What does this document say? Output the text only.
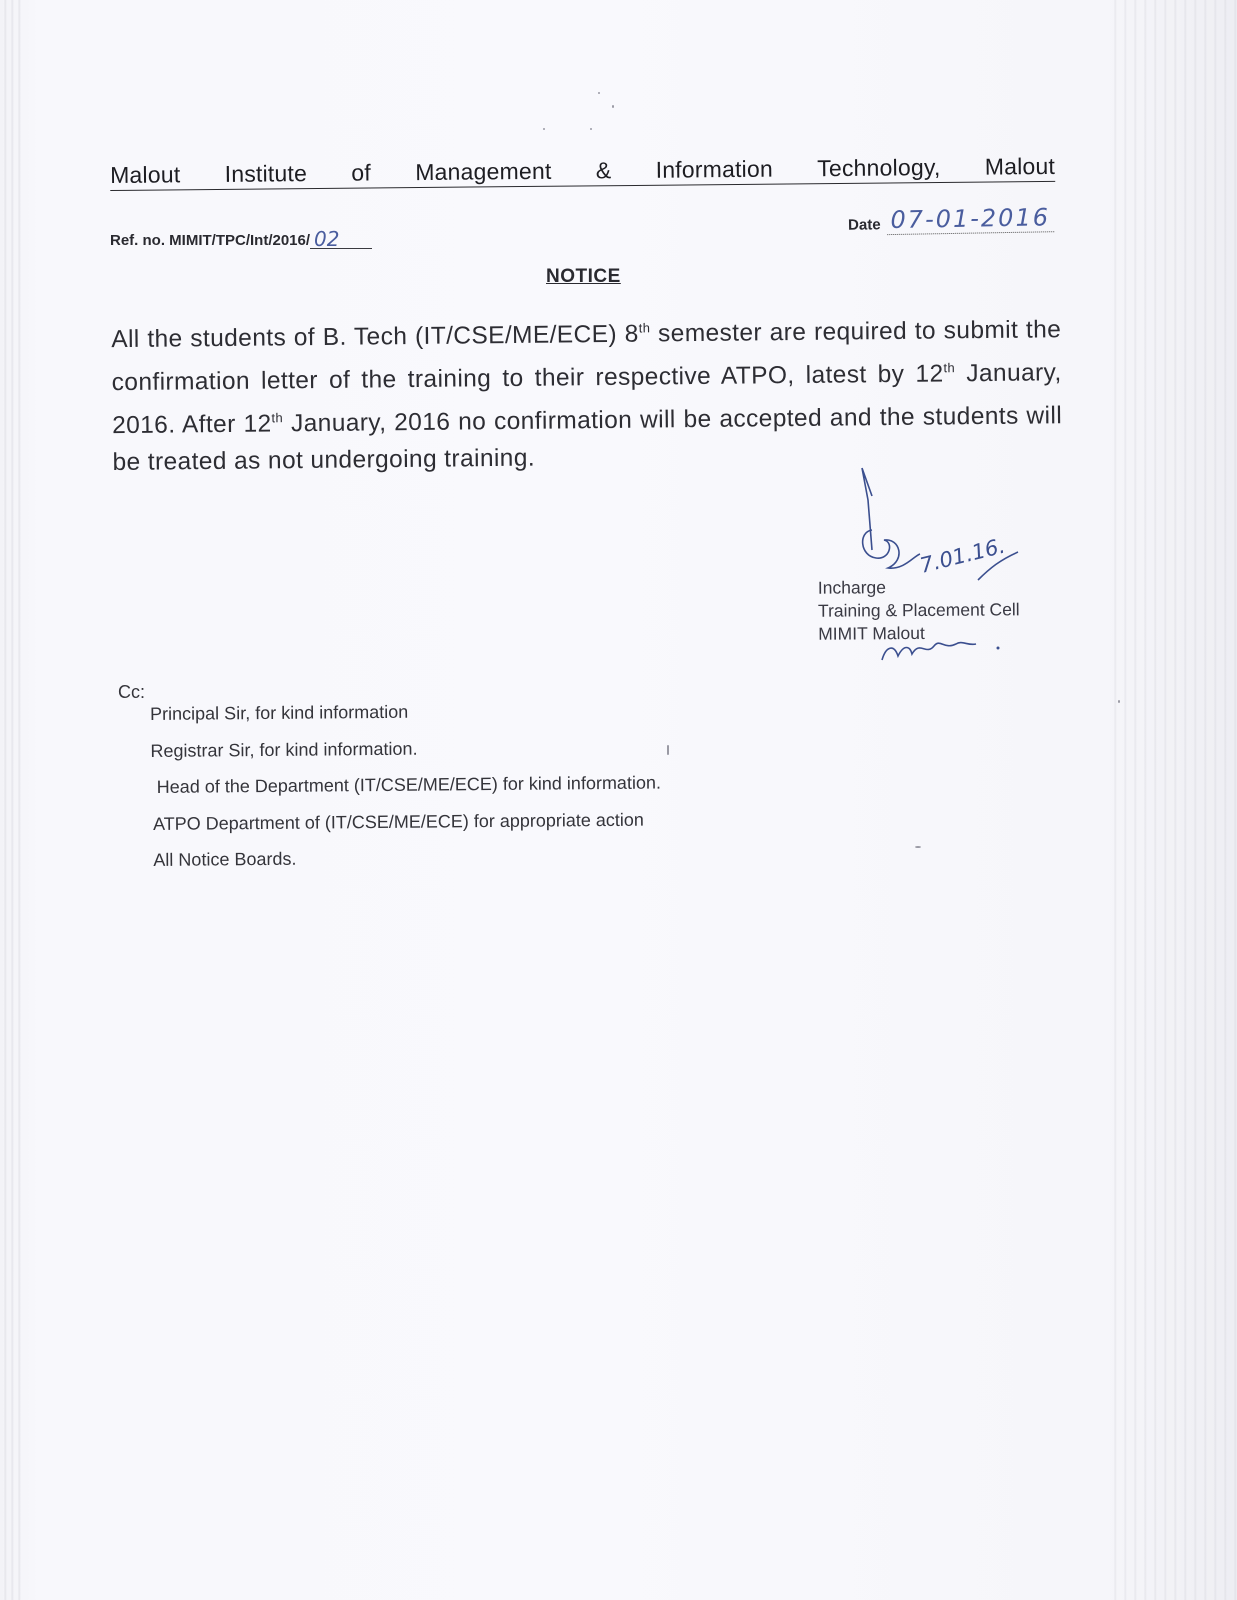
Malout Institute of Management & Information Technology, Malout
Ref. no. MIMIT/TPC/Int/2016/ 02
Date 07-01-2016
NOTICE
All the students of B. Tech (IT/CSE/ME/ECE) 8th semester are required to submit the confirmation letter of the training to their respective ATPO, latest by 12th January, 2016. After 12th January, 2016 no confirmation will be accepted and the students will be treated as not undergoing training.
7.01.16.
Incharge
Training & Placement Cell
MIMIT Malout
Cc:
Principal Sir, for kind information
Registrar Sir, for kind information.
Head of the Department (IT/CSE/ME/ECE) for kind information.
ATPO Department of (IT/CSE/ME/ECE) for appropriate action
All Notice Boards.
